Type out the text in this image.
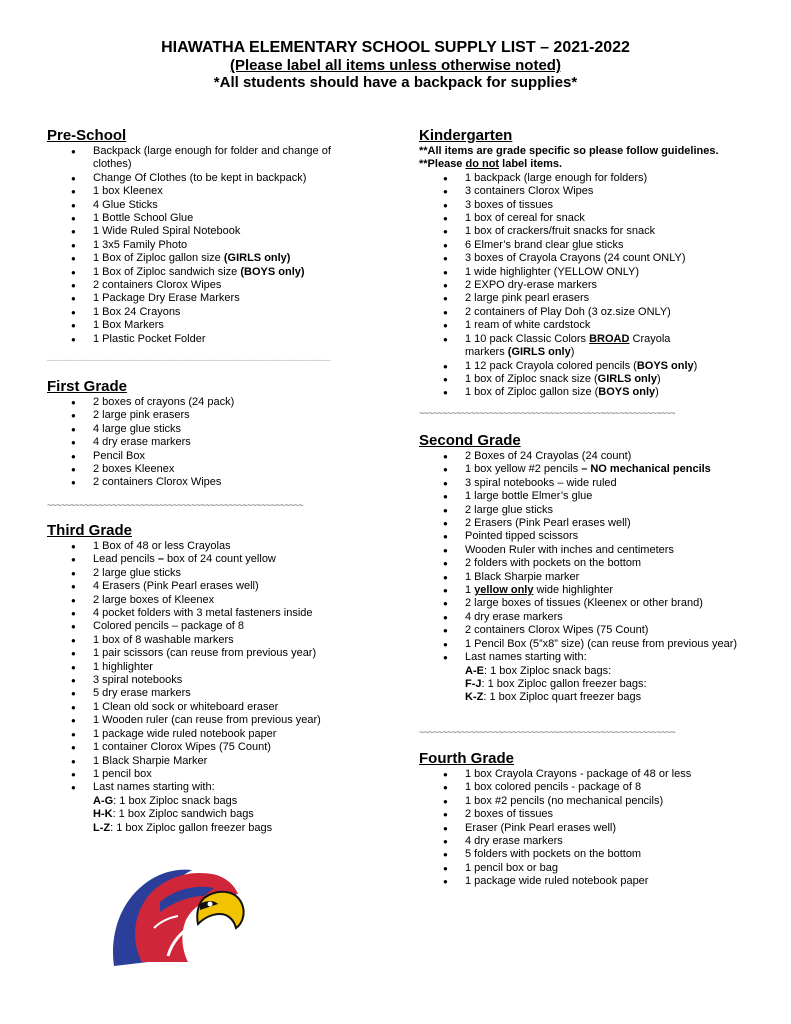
HIAWATHA ELEMENTARY SCHOOL SUPPLY LIST – 2021-2022
(Please label all items unless otherwise noted)
*All students should have a backpack for supplies*
Pre-School
● Backpack (large enough for folder and change of clothes)
● Change Of Clothes (to be kept in backpack)
● 1 box Kleenex
● 4 Glue Sticks
● 1 Bottle School Glue
● 1 Wide Ruled Spiral Notebook
● 1 3x5 Family Photo
● 1 Box of Ziploc gallon size (GIRLS only)
● 1 Box of Ziploc sandwich size (BOYS only)
● 2 containers Clorox Wipes
● 1 Package Dry Erase Markers
● 1 Box 24 Crayons
● 1 Box Markers
● 1 Plastic Pocket Folder
─────────────────────────────────────────────────
First Grade
● 2 boxes of crayons (24 pack)
● 2 large pink erasers
● 4 large glue sticks
● 4 dry erase markers
● Pencil Box
● 2 boxes Kleenex
● 2 containers Clorox Wipes
~~~~~~~~~~~~~~~~~~~~~~~~~~~~~~~~~~~~~~~~~~~~~~~~~~~~~~~
Third Grade
● 1 Box of 48 or less Crayolas
● Lead pencils – box of 24 count yellow
● 2 large glue sticks
● 4 Erasers (Pink Pearl erases well)
● 2 large boxes of Kleenex
● 4 pocket folders with 3 metal fasteners inside
● Colored pencils – package of 8
● 1 box of 8 washable markers
● 1 pair scissors (can reuse from previous year)
● 1 highlighter
● 3 spiral notebooks
● 5 dry erase markers
● 1 Clean old sock or whiteboard eraser
● 1 Wooden ruler (can reuse from previous year)
● 1 package wide ruled notebook paper
● 1 container Clorox Wipes (75 Count)
● 1 Black Sharpie Marker
● 1 pencil box
● Last names starting with:
A-G: 1 box Ziploc snack bags
H-K: 1 box Ziploc sandwich bags
L-Z: 1 box Ziploc gallon freezer bags
Kindergarten
**All items are grade specific so please follow guidelines.
**Please do not label items.
● 1 backpack (large enough for folders)
● 3 containers Clorox Wipes
● 3 boxes of tissues
● 1 box of cereal for snack
● 1 box of crackers/fruit snacks for snack
● 6 Elmer’s brand clear glue sticks
● 3 boxes of Crayola Crayons (24 count ONLY)
● 1 wide highlighter (YELLOW ONLY)
● 2 EXPO dry-erase markers
● 2 large pink pearl erasers
● 2 containers of Play Doh (3 oz.size ONLY)
● 1 ream of white cardstock
● 1 10 pack Classic Colors BROAD Crayola markers (GIRLS only)
● 1 12 pack Crayola colored pencils (BOYS only)
● 1 box of Ziploc snack size (GIRLS only)
● 1 box of Ziploc gallon size (BOYS only)
~~~~~~~~~~~~~~~~~~~~~~~~~~~~~~~~~~~~~~~~~~~~~~~~~~~~~~~
Second Grade
● 2 Boxes of 24 Crayolas (24 count)
● 1 box yellow #2 pencils – NO mechanical pencils
● 3 spiral notebooks – wide ruled
● 1 large bottle Elmer’s glue
● 2 large glue sticks
● 2 Erasers (Pink Pearl erases well)
● Pointed tipped scissors
● Wooden Ruler with inches and centimeters
● 2 folders with pockets on the bottom
● 1 Black Sharpie marker
● 1 yellow only wide highlighter
● 2 large boxes of tissues (Kleenex or other brand)
● 4 dry erase markers
● 2 containers Clorox Wipes (75 Count)
● 1 Pencil Box (5”x8” size) (can reuse from previous year)
● Last names starting with:
A-E: 1 box Ziploc snack bags:
F-J: 1 box Ziploc gallon freezer bags:
K-Z: 1 box Ziploc quart freezer bags
~~~~~~~~~~~~~~~~~~~~~~~~~~~~~~~~~~~~~~~~~~~~~~~~~~~~~~~
Fourth Grade
● 1 box Crayola Crayons - package of 48 or less
● 1 box colored pencils - package of 8
● 1 box #2 pencils (no mechanical pencils)
● 2 boxes of tissues
● Eraser (Pink Pearl erases well)
● 4 dry erase markers
● 5 folders with pockets on the bottom
● 1 pencil box or bag
● 1 package wide ruled notebook paper
